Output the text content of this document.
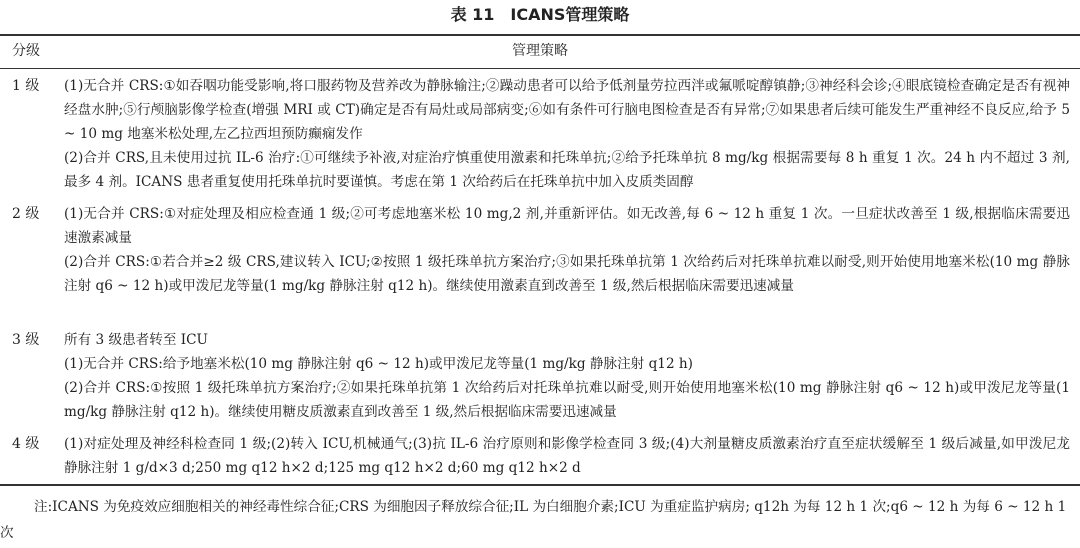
表 11　ICANS管理策略
分级	管理策略
1 级 (1)无合并 CRS:①如吞咽功能受影响,将口服药物及营养改为静脉输注;②躁动患者可以给予低剂量劳拉西泮或氟哌啶醇镇静;③神经科会诊;④眼底镜检查确定是否有视神经盘水肿;⑤行颅脑影像学检查(增强 MRI 或 CT)确定是否有局灶或局部病变;⑥如有条件可行脑电图检查是否有异常;⑦如果患者后续可能发生严重神经不良反应,给予 5 ~ 10 mg 地塞米松处理,左乙拉西坦预防癫痫发作
(2)合并 CRS,且未使用过抗 IL-6 治疗:①可继续予补液,对症治疗慎重使用激素和托珠单抗;②给予托珠单抗 8 mg/kg 根据需要每 8 h 重复 1 次。24 h 内不超过 3 剂,最多 4 剂。ICANS 患者重复使用托珠单抗时要谨慎。考虑在第 1 次给药后在托珠单抗中加入皮质类固醇
2 级 (1)无合并 CRS:①对症处理及相应检查通 1 级;②可考虑地塞米松 10 mg,2 剂,并重新评估。如无改善,每 6 ~ 12 h 重复 1 次。一旦症状改善至 1 级,根据临床需要迅速激素减量
(2)合并 CRS:①若合并≥2 级 CRS,建议转入 ICU;②按照 1 级托珠单抗方案治疗;③如果托珠单抗第 1 次给药后对托珠单抗难以耐受,则开始使用地塞米松(10 mg 静脉注射 q6 ~ 12 h)或甲泼尼龙等量(1 mg/kg 静脉注射 q12 h)。继续使用激素直到改善至 1 级,然后根据临床需要迅速减量
3 级 所有 3 级患者转至 ICU
(1)无合并 CRS:给予地塞米松(10 mg 静脉注射 q6 ~ 12 h)或甲泼尼龙等量(1 mg/kg 静脉注射 q12 h)
(2)合并 CRS:①按照 1 级托珠单抗方案治疗;②如果托珠单抗第 1 次给药后对托珠单抗难以耐受,则开始使用地塞米松(10 mg 静脉注射 q6 ~ 12 h)或甲泼尼龙等量(1 mg/kg 静脉注射 q12 h)。继续使用糖皮质激素直到改善至 1 级,然后根据临床需要迅速减量
4 级 (1)对症处理及神经科检查同 1 级;(2)转入 ICU,机械通气;(3)抗 IL-6 治疗原则和影像学检查同 3 级;(4)大剂量糖皮质激素治疗直至症状缓解至 1 级后减量,如甲泼尼龙 静脉注射 1 g/d×3 d;250 mg q12 h×2 d;125 mg q12 h×2 d;60 mg q12 h×2 d
注:ICANS 为免疫效应细胞相关的神经毒性综合征;CRS 为细胞因子释放综合征;IL 为白细胞介素;ICU 为重症监护病房; q12h 为每 12 h 1 次;q6 ~ 12 h 为每 6 ~ 12 h 1 次
